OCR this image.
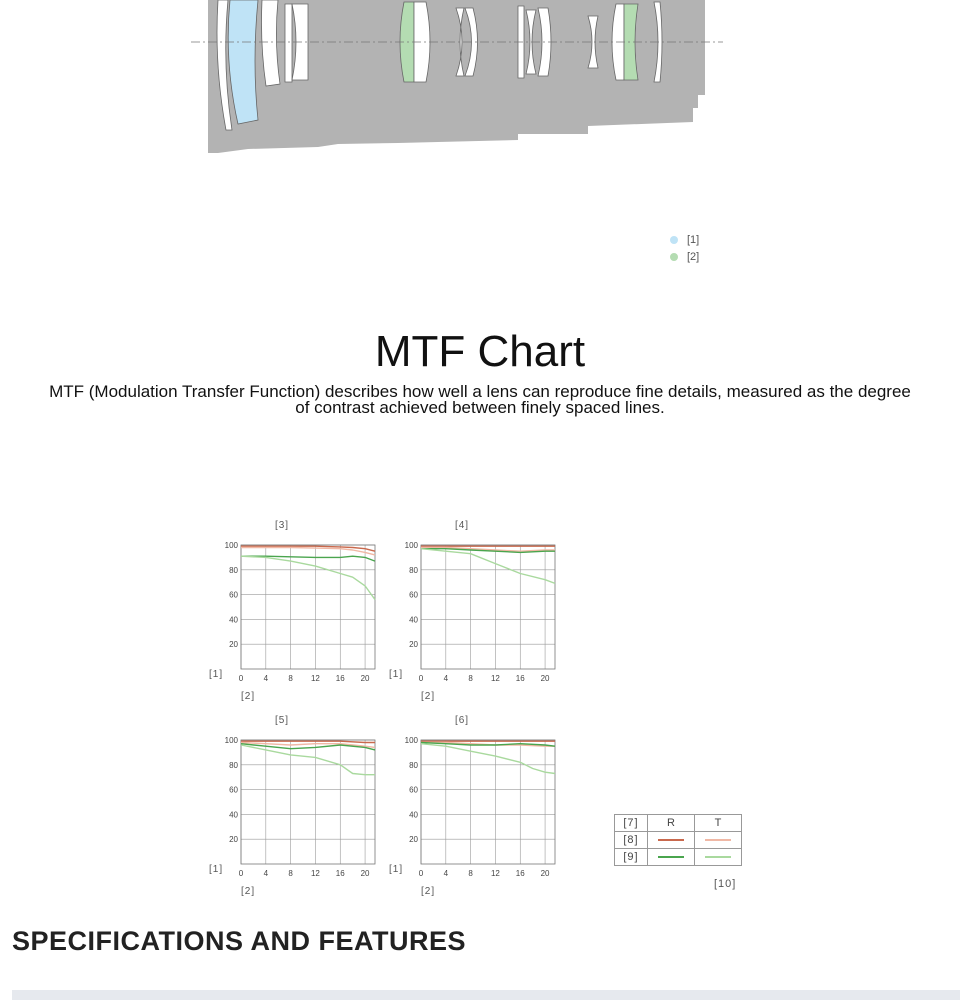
[1]
[2]
MTF Chart

MTF (Modulation Transfer Function) describes how well a lens can reproduce fine details, measured as the degree of contrast achieved between finely spaced lines.

[3]
100
80
60
40
20
0	4	8 12 16 20
[1]
[2]
[4]
100
80
60
40
20
0	4	8 12 16 20
[1]
[2]
[5]
100
80
60
40
20
0	4	8 12 16 20
[1]
[2]
[6]
100
80
60
40
20
0	4	8 12 16 20
[1]
[2]
[7]	R	T
[8]		
[9]		
[10]
SPECIFICATIONS AND FEATURES
